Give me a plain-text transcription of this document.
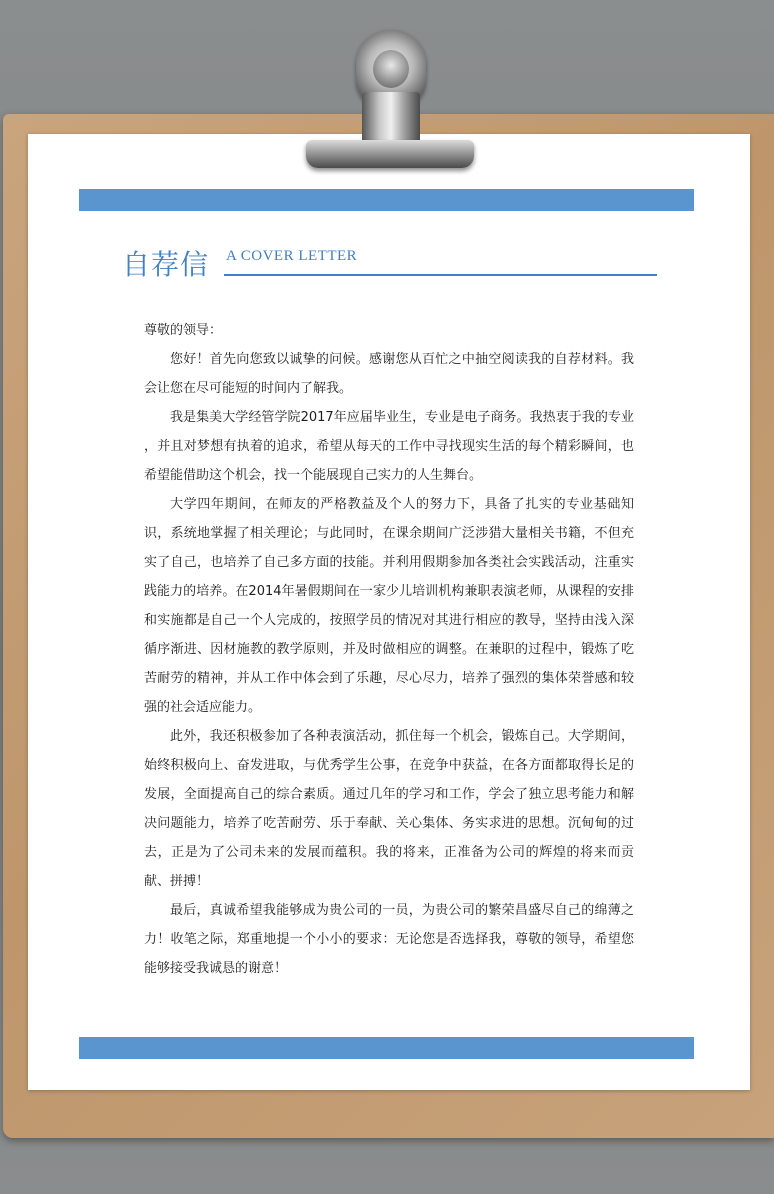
自荐信 A COVER LETTER

尊敬的领导：

您好！首先向您致以诚挚的问候。感谢您从百忙之中抽空阅读我的自荐材料。我会让您在尽可能短的时间内了解我。

我是集美大学经管学院2017年应届毕业生，专业是电子商务。我热衷于我的专业 ，并且对梦想有执着的追求，希望从每天的工作中寻找现实生活的每个精彩瞬间，也希望能借助这个机会，找一个能展现自己实力的人生舞台。

大学四年期间，在师友的严格教益及个人的努力下，具备了扎实的专业基础知识，系统地掌握了相关理论；与此同时，在课余期间广泛涉猎大量相关书籍，不但充实了自己，也培养了自己多方面的技能。并利用假期参加各类社会实践活动，注重实践能力的培养。在2014年暑假期间在一家少儿培训机构兼职表演老师，从课程的安排和实施都是自己一个人完成的，按照学员的情况对其进行相应的教导，坚持由浅入深循序渐进、因材施教的教学原则，并及时做相应的调整。在兼职的过程中，锻炼了吃苦耐劳的精神，并从工作中体会到了乐趣，尽心尽力，培养了强烈的集体荣誉感和较强的社会适应能力。

此外，我还积极参加了各种表演活动，抓住每一个机会，锻炼自己。大学期间，始终积极向上、奋发进取，与优秀学生公事，在竞争中获益，在各方面都取得长足的发展，全面提高自己的综合素质。通过几年的学习和工作，学会了独立思考能力和解决问题能力，培养了吃苦耐劳、乐于奉献、关心集体、务实求进的思想。沉甸甸的过去，正是为了公司未来的发展而蕴积。我的将来，正准备为公司的辉煌的将来而贡献、拼搏！

最后，真诚希望我能够成为贵公司的一员，为贵公司的繁荣昌盛尽自己的绵薄之力！收笔之际，郑重地提一个小小的要求：无论您是否选择我，尊敬的领导，希望您能够接受我诚恳的谢意！
